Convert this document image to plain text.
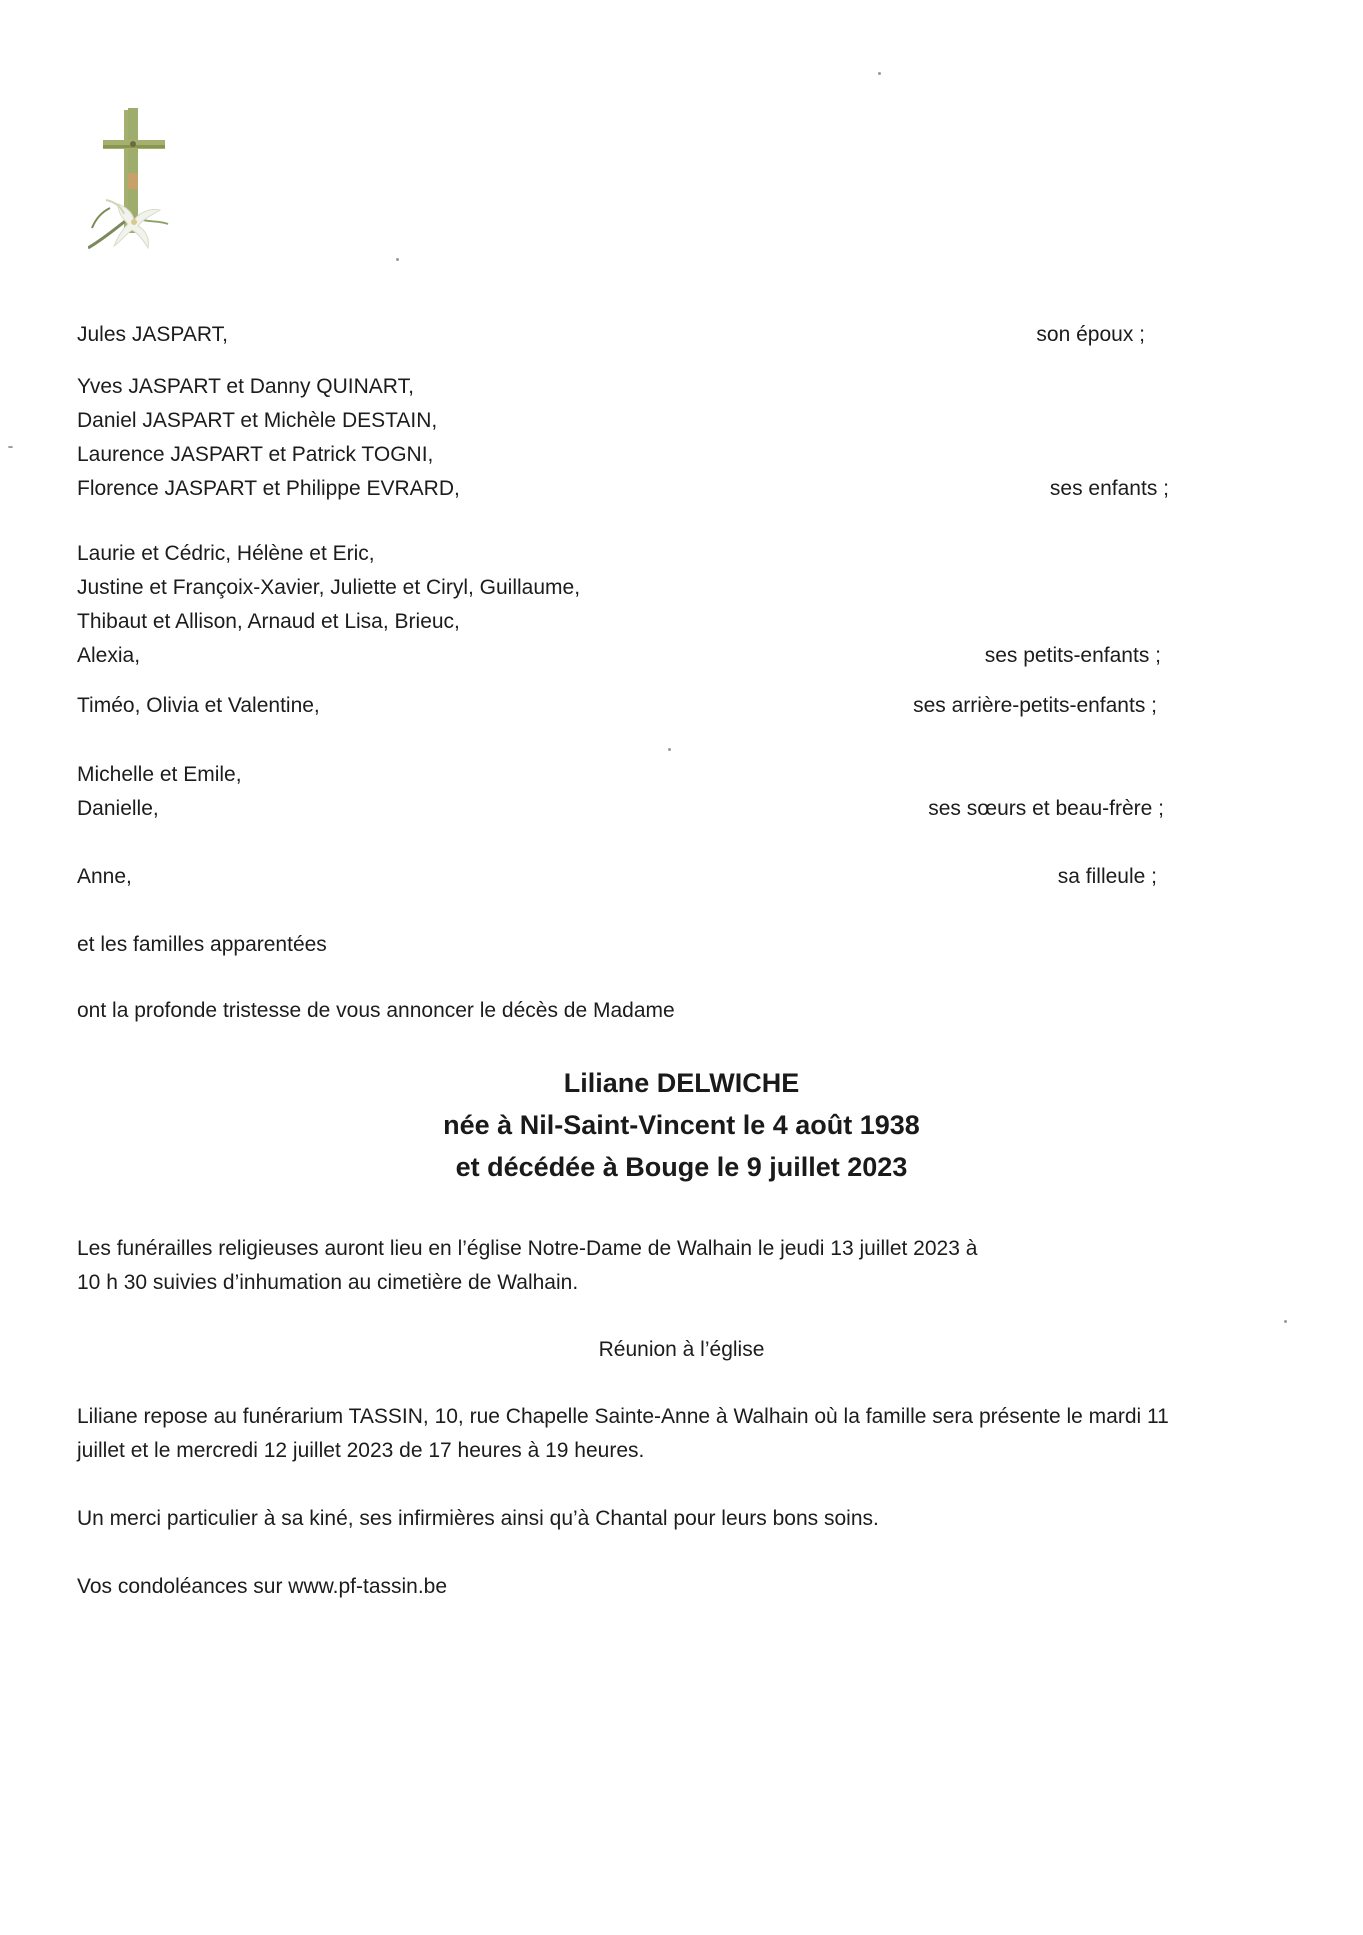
Jules JASPART,	son époux ;
Yves JASPART et Danny QUINART,
Daniel JASPART et Michèle DESTAIN,
Laurence JASPART et Patrick TOGNI,
Florence JASPART et Philippe EVRARD,	ses enfants ;
Laurie et Cédric, Hélène et Eric,
Justine et Françoix-Xavier, Juliette et Ciryl, Guillaume,
Thibaut et Allison, Arnaud et Lisa, Brieuc,
Alexia,	ses petits-enfants ;
Timéo, Olivia et Valentine,	ses arrière-petits-enfants ;
Michelle et Emile,
Danielle,	ses sœurs et beau-frère ;
Anne,	sa filleule ;
et les familles apparentées
ont la profonde tristesse de vous annoncer le décès de Madame
Liliane DELWICHE
née à Nil-Saint-Vincent le 4 août 1938
et décédée à Bouge le 9 juillet 2023
Les funérailles religieuses auront lieu en l’église Notre-Dame de Walhain le jeudi 13 juillet 2023 à
10 h 30 suivies d’inhumation au cimetière de Walhain.
Réunion à l’église
Liliane repose au funérarium TASSIN, 10, rue Chapelle Sainte-Anne à Walhain où la famille sera présente le mardi 11
juillet et le mercredi 12 juillet 2023 de 17 heures à 19 heures.
Un merci particulier à sa kiné, ses infirmières ainsi qu’à Chantal pour leurs bons soins.
Vos condoléances sur www.pf-tassin.be
